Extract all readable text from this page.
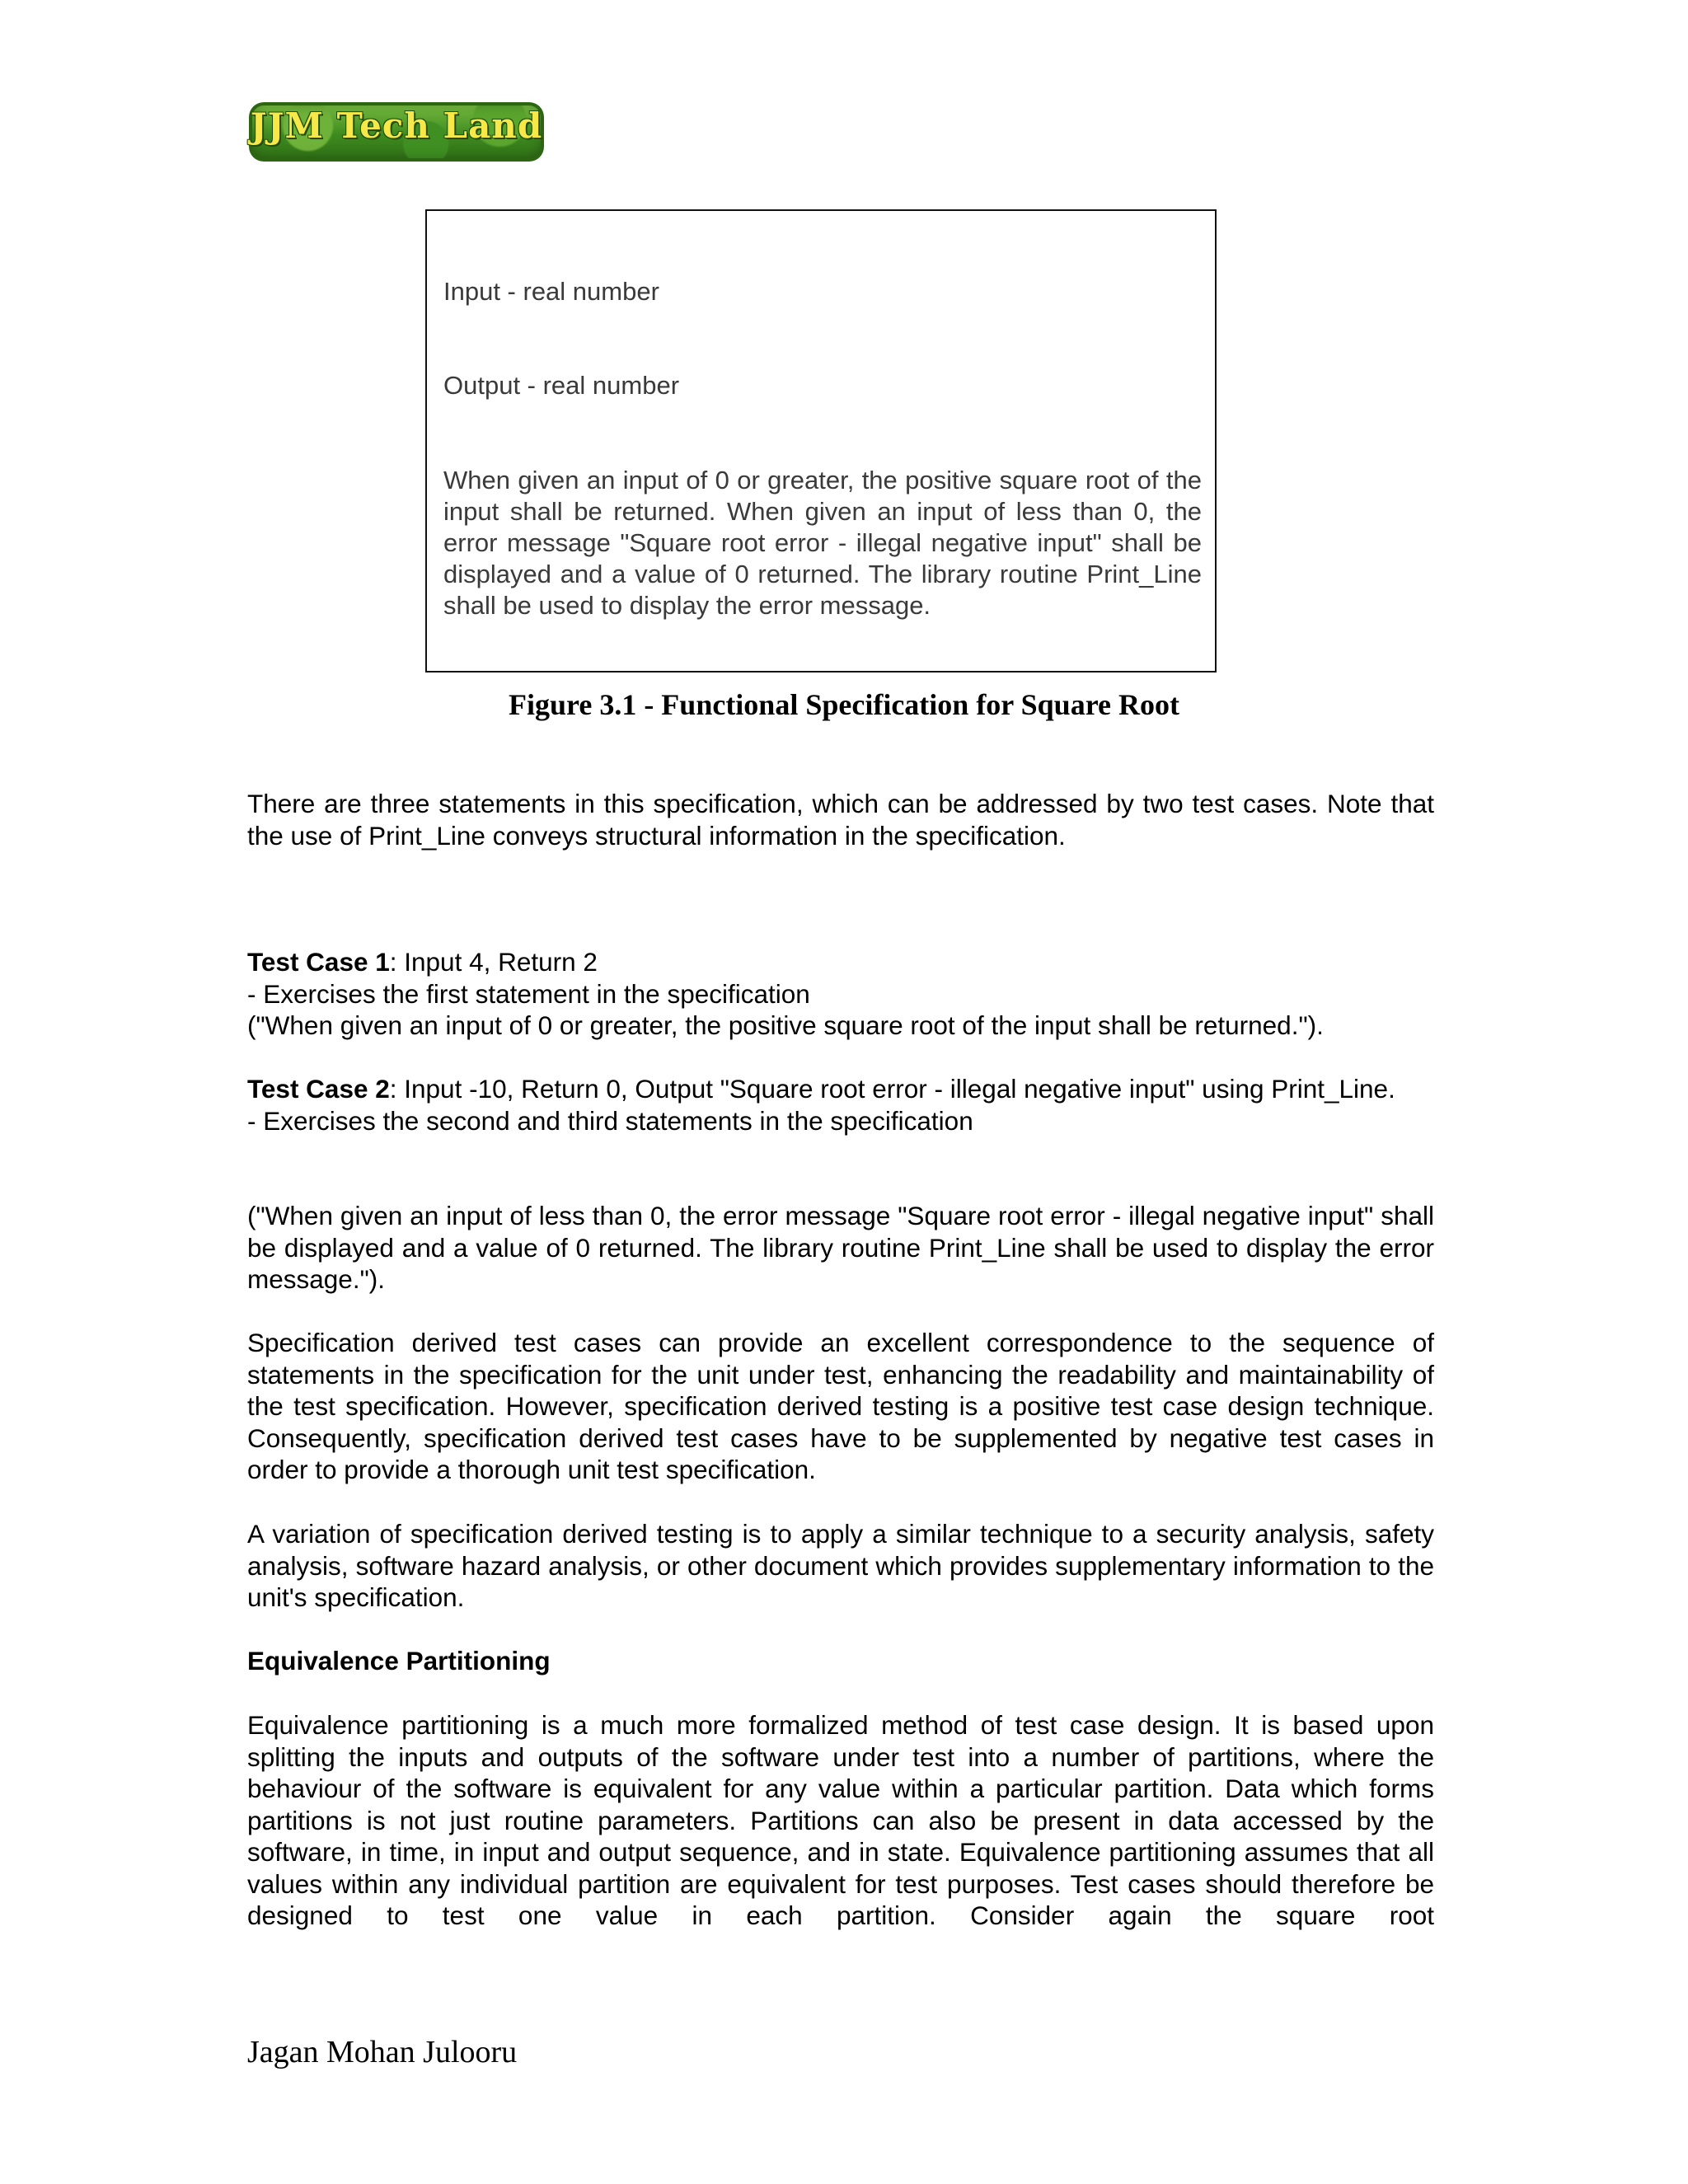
JJM Tech Land
Input - real number
Output - real number
When given an input of 0 or greater, the positive square root of the input shall be returned. When given an input of less than 0, the error message "Square root error - illegal negative input" shall be displayed and a value of 0 returned. The library routine Print_Line shall be used to display the error message.
Figure 3.1 - Functional Specification for Square Root

There are three statements in this specification, which can be addressed by two test cases. Note that the use of Print_Line conveys structural information in the specification.

Test Case 1: Input 4, Return 2

- Exercises the first statement in the specification

("When given an input of 0 or greater, the positive square root of the input shall be returned.").

Test Case 2: Input -10, Return 0, Output "Square root error - illegal negative input" using Print_Line.

- Exercises the second and third statements in the specification

("When given an input of less than 0, the error message "Square root error - illegal negative input" shall be displayed and a value of 0 returned. The library routine Print_Line shall be used to display the error message.").

Specification derived test cases can provide an excellent correspondence to the sequence of statements in the specification for the unit under test, enhancing the readability and maintainability of the test specification. However, specification derived testing is a positive test case design technique. Consequently, specification derived test cases have to be supplemented by negative test cases in order to provide a thorough unit test specification.

A variation of specification derived testing is to apply a similar technique to a security analysis, safety analysis, software hazard analysis, or other document which provides supplementary information to the unit's specification.

Equivalence Partitioning

Equivalence partitioning is a much more formalized method of test case design. It is based upon splitting the inputs and outputs of the software under test into a number of partitions, where the behaviour of the software is equivalent for any value within a particular partition. Data which forms partitions is not just routine parameters. Partitions can also be present in data accessed by the software, in time, in input and output sequence, and in state. Equivalence partitioning assumes that all values within any individual partition are equivalent for test purposes. Test cases should therefore be designed to test one value in each partition. Consider again the square root

Jagan Mohan Julooru
